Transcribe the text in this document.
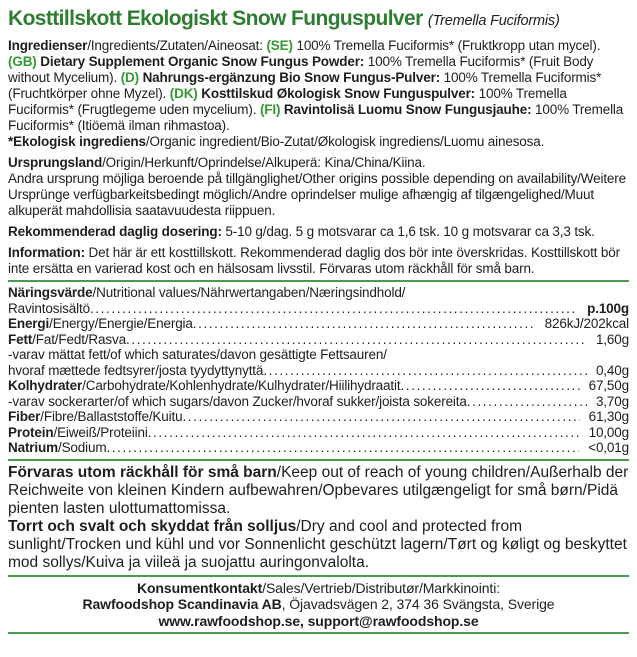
Kosttillskott Ekologiskt Snow Funguspulver (Tremella Fuciformis)

Ingredienser/Ingredients/Zutaten/Aineosat: (SE) 100% Tremella Fuciformis* (Fruktkropp utan mycel). (GB) Dietary Supplement Organic Snow Fungus Powder: 100% Tremella Fuciformis* (Fruit Body without Mycelium). (D) Nahrungs-ergänzung Bio Snow Fungus-Pulver: 100% Tremella Fuciformis* (Fruchtkörper ohne Myzel). (DK) Kosttilskud Økologisk Snow Funguspulver: 100% Tremella Fuciformis* (Frugtlegeme uden mycelium). (FI) Ravintolisä Luomu Snow Fungusjauhe: 100% Tremella Fuciformis* (Itiöemä ilman rihmastoa).

*Ekologisk ingrediens/Organic ingredient/Bio-Zutat/Økologisk ingrediens/Luomu ainesosa.

Ursprungsland/Origin/Herkunft/Oprindelse/Alkuperä: Kina/China/Kiina.

Andra ursprung möjliga beroende på tillgänglighet/Other origins possible depending on availability/Weitere Ursprünge verfügbarkeitsbedingt möglich/Andre oprindelser mulige afhængig af tilgængelighed/Muut alkuperät mahdollisia saatavuudesta riippuen.

Rekommenderad daglig dosering: 5-10 g/dag. 5 g motsvarar ca 1,6 tsk. 10 g motsvarar ca 3,3 tsk.

Information: Det här är ett kosttillskott. Rekommenderad daglig dos bör inte överskridas. Kosttillskott bör inte ersätta en varierad kost och en hälsosam livsstil. Förvaras utom räckhåll för små barn.

Näringsvärde/Nutritional values/Nährwertangaben/Næringsindhold/
Ravintosisältö .....	p.100g
Energi/Energy/Energie/Energia .....	826kJ/202kcal
Fett/Fat/Fedt/Rasva .....	1,60g
-varav mättat fett/of which saturates/davon gesättigte Fettsauren/
hvoraf mættede fedtsyrer/josta tyydyttynyttä .....	0,40g
Kolhydrater/Carbohydrate/Kohlenhydrate/Kulhydrater/Hiilihydraatit .....	67,50g
-varav sockerarter/of which sugars/davon Zucker/hvoraf sukker/joista sokereita .....	3,70g
Fiber/Fibre/Ballaststoffe/Kuitu .....	61,30g
Protein/Eiweiß/Proteiini .....	10,00g
Natrium/Sodium .....	<0,01g

Förvaras utom räckhåll för små barn/Keep out of reach of young children/Außerhalb der Reichweite von kleinen Kindern aufbewahren/Opbevares utilgængeligt for små børn/Pidä pienten lasten ulottumattomissa.

Torrt och svalt och skyddat från solljus/Dry and cool and protected from sunlight/Trocken und kühl und vor Sonnenlicht geschützt lagern/Tørt og køligt og beskyttet mod sollys/Kuiva ja viileä ja suojattu auringonvalolta.

Konsumentkontakt/Sales/Vertrieb/Distributør/Markkinointi:
Rawfoodshop Scandinavia AB, Öjavadsvägen 2, 374 36 Svängsta, Sverige
www.rawfoodshop.se, support@rawfoodshop.se
